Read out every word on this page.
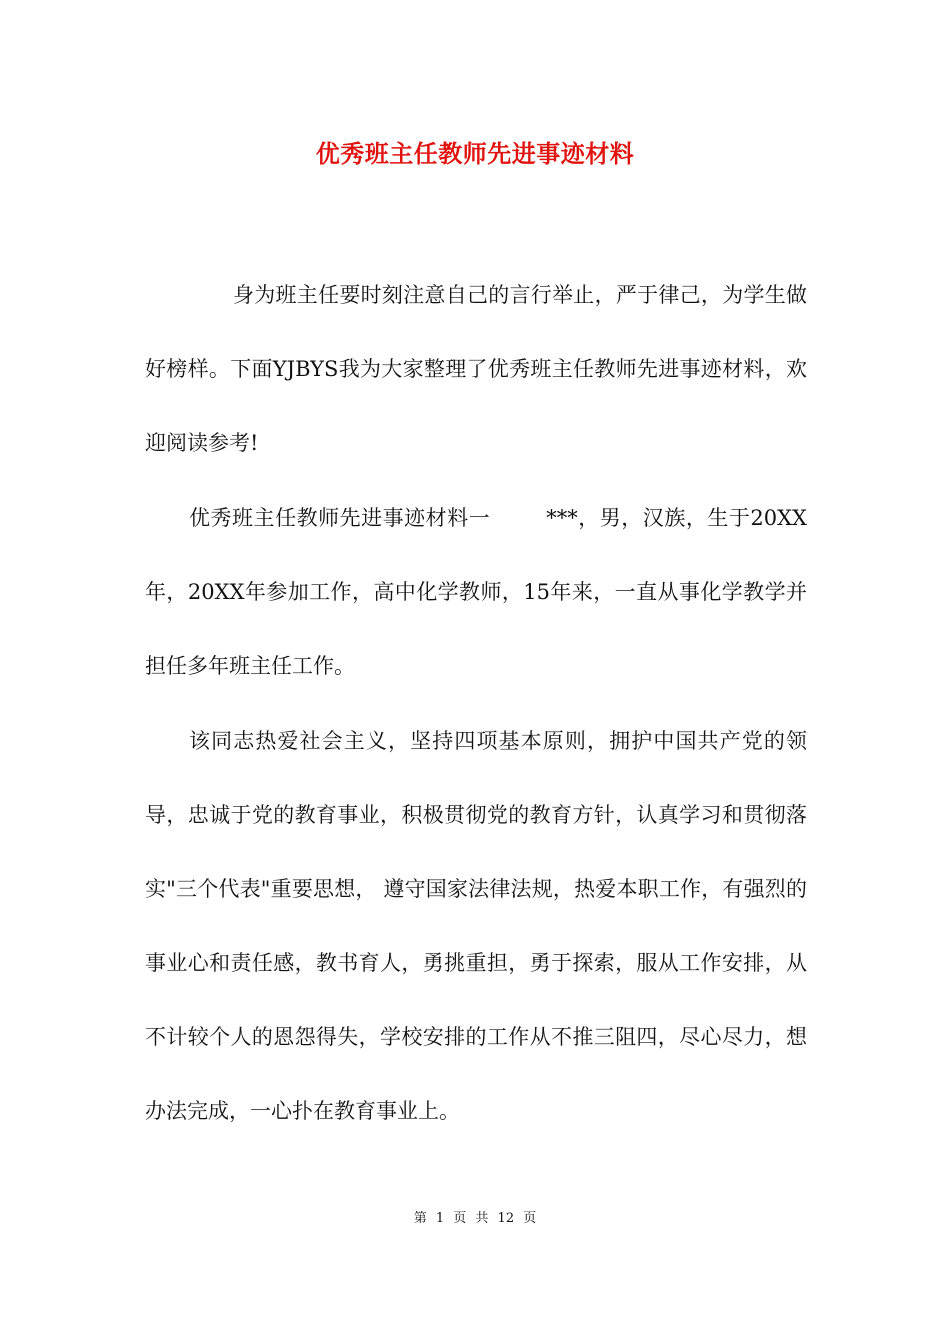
优秀班主任教师先进事迹材料
身为班主任要时刻注意自己的言行举止，严于律己，为学生做好榜样。下面YJBYS我为大家整理了优秀班主任教师先进事迹材料，欢迎阅读参考!
优秀班主任教师先进事迹材料一	***，男，汉族，生于20XX年，20XX年参加工作，高中化学教师，15年来，一直从事化学教学并担任多年班主任工作。
该同志热爱社会主义，坚持四项基本原则，拥护中国共产党的领导，忠诚于党的教育事业，积极贯彻党的教育方针，认真学习和贯彻落实"三个代表"重要思想， 遵守国家法律法规，热爱本职工作，有强烈的事业心和责任感，教书育人，勇挑重担，勇于探索，服从工作安排，从不计较个人的恩怨得失，学校安排的工作从不推三阻四，尽心尽力，想办法完成，一心扑在教育事业上。
第 1 页 共 12 页
